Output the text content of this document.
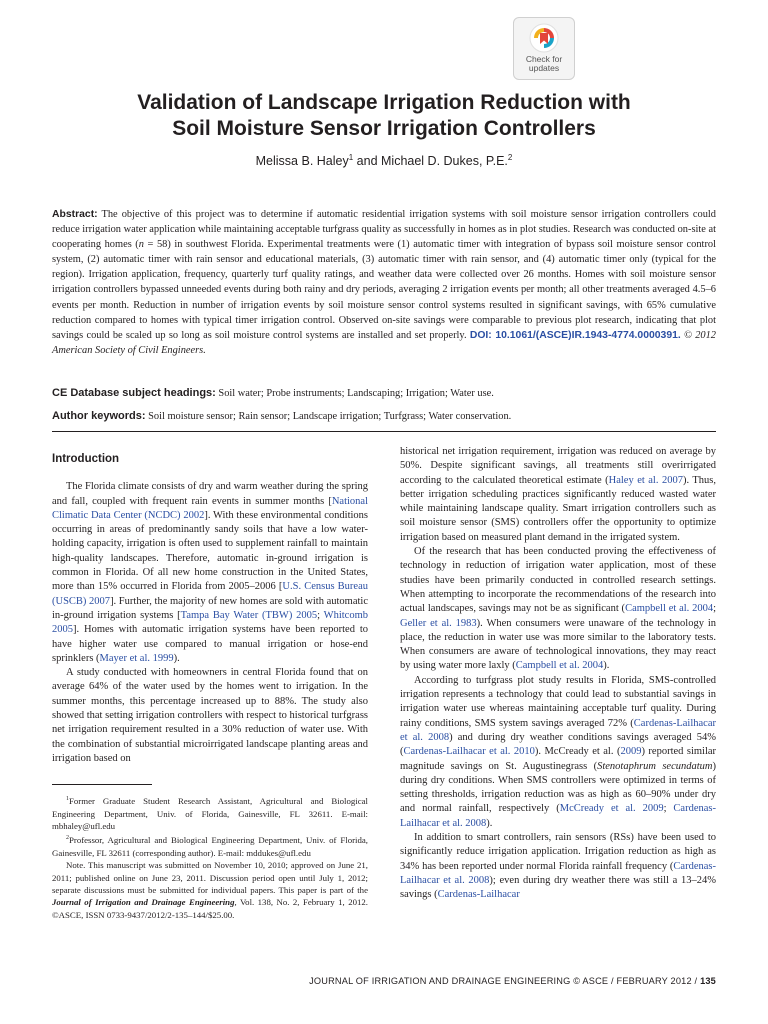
Check for
updates
Validation of Landscape Irrigation Reduction with
Soil Moisture Sensor Irrigation Controllers
Melissa B. Haley$^1$ and Michael D. Dukes, P.E.$^2$

Abstract: The objective of this project was to determine if automatic residential irrigation systems with soil moisture sensor irrigation controllers could reduce irrigation water application while maintaining acceptable turfgrass quality as successfully in homes as in plot studies. Research was conducted on-site at cooperating homes (n = 58) in southwest Florida. Experimental treatments were (1) automatic timer with integration of bypass soil moisture sensor control system, (2) automatic timer with rain sensor and educational materials, (3) automatic timer with rain sensor, and (4) automatic timer only (typical for the region). Irrigation application, frequency, quarterly turf quality ratings, and weather data were collected over 26 months. Homes with soil moisture sensor irrigation controllers bypassed unneeded events during both rainy and dry periods, averaging 2 irrigation events per month; all other treatments averaged 4.5–6 events per month. Reduction in number of irrigation events by soil moisture sensor control systems resulted in significant savings, with 65% cumulative reduction compared to homes with typical timer irrigation control. Observed on-site savings were comparable to previous plot research, indicating that plot savings could be scaled up so long as soil moisture control systems are installed and set properly. DOI: 10.1061/(ASCE)IR.1943-4774.0000391. © 2012 American Society of Civil Engineers.

CE Database subject headings: Soil water; Probe instruments; Landscaping; Irrigation; Water use.

Author keywords: Soil moisture sensor; Rain sensor; Landscape irrigation; Turfgrass; Water conservation.

Introduction

The Florida climate consists of dry and warm weather during the spring and fall, coupled with frequent rain events in summer months [National Climatic Data Center (NCDC) 2002]. With these environmental conditions occurring in areas of predominantly sandy soils that have a low water-holding capacity, irrigation is often used to supplement rainfall to maintain high-quality landscapes. Therefore, automatic in-ground irrigation is common in Florida. Of all new home construction in the United States, more than 15% occurred in Florida from 2005–2006 [U.S. Census Bureau (USCB) 2007]. Further, the majority of new homes are sold with automatic in-ground irrigation systems [Tampa Bay Water (TBW) 2005; Whitcomb 2005]. Homes with automatic irrigation systems have been reported to have higher water use compared to manual irrigation or hose-end sprinklers (Mayer et al. 1999).

A study conducted with homeowners in central Florida found that on average 64% of the water used by the homes went to irrigation. In the summer months, this percentage increased up to 88%. The study also showed that setting irrigation controllers with respect to historical turfgrass net irrigation requirement resulted in a 30% reduction of water use. With the combination of substantial microirrigated landscape planting areas and irrigation based on

$^1$Former Graduate Student Research Assistant, Agricultural and Biological Engineering Department, Univ. of Florida, Gainesville, FL 32611. E-mail: mbhaley@ufl.edu

$^2$Professor, Agricultural and Biological Engineering Department, Univ. of Florida, Gainesville, FL 32611 (corresponding author). E-mail: mddukes@ufl.edu

Note. This manuscript was submitted on November 10, 2010; approved on June 21, 2011; published online on June 23, 2011. Discussion period open until July 1, 2012; separate discussions must be submitted for individual papers. This paper is part of the Journal of Irrigation and Drainage Engineering, Vol. 138, No. 2, February 1, 2012. ©ASCE, ISSN 0733-9437/2012/2-135–144/$25.00.

historical net irrigation requirement, irrigation was reduced on average by 50%. Despite significant savings, all treatments still overirrigated according to the calculated theoretical estimate (Haley et al. 2007). Thus, better irrigation scheduling practices significantly reduced wasted water while maintaining landscape quality. Smart irrigation controllers such as soil moisture sensor (SMS) controllers offer the opportunity to optimize irrigation based on measured plant demand in the irrigated system.

Of the research that has been conducted proving the effectiveness of technology in reduction of irrigation water application, most of these studies have been primarily conducted in controlled research settings. When attempting to incorporate the recommendations of the research into actual landscapes, savings may not be as significant (Campbell et al. 2004; Geller et al. 1983). When consumers were unaware of the technology in place, the reduction in water use was more similar to the laboratory tests. When consumers are aware of technological innovations, they may react by using water more laxly (Campbell et al. 2004).

According to turfgrass plot study results in Florida, SMS-controlled irrigation represents a technology that could lead to substantial savings in irrigation water use whereas maintaining acceptable turf quality. During rainy conditions, SMS system savings averaged 72% (Cardenas-Lailhacar et al. 2008) and during dry weather conditions savings averaged 54% (Cardenas-Lailhacar et al. 2010). McCready et al. (2009) reported similar magnitude savings on St. Augustinegrass (Stenotaphrum secundatum) during dry conditions. When SMS controllers were optimized in terms of setting thresholds, irrigation reduction was as high as 60–90% under dry and normal rainfall, respectively (McCready et al. 2009; Cardenas-Lailhacar et al. 2008).

In addition to smart controllers, rain sensors (RSs) have been used to significantly reduce irrigation application. Irrigation reduction as high as 34% has been reported under normal Florida rainfall frequency (Cardenas-Lailhacar et al. 2008); even during dry weather there was still a 13–24% savings (Cardenas-Lailhacar

JOURNAL OF IRRIGATION AND DRAINAGE ENGINEERING © ASCE / FEBRUARY 2012 / 135
